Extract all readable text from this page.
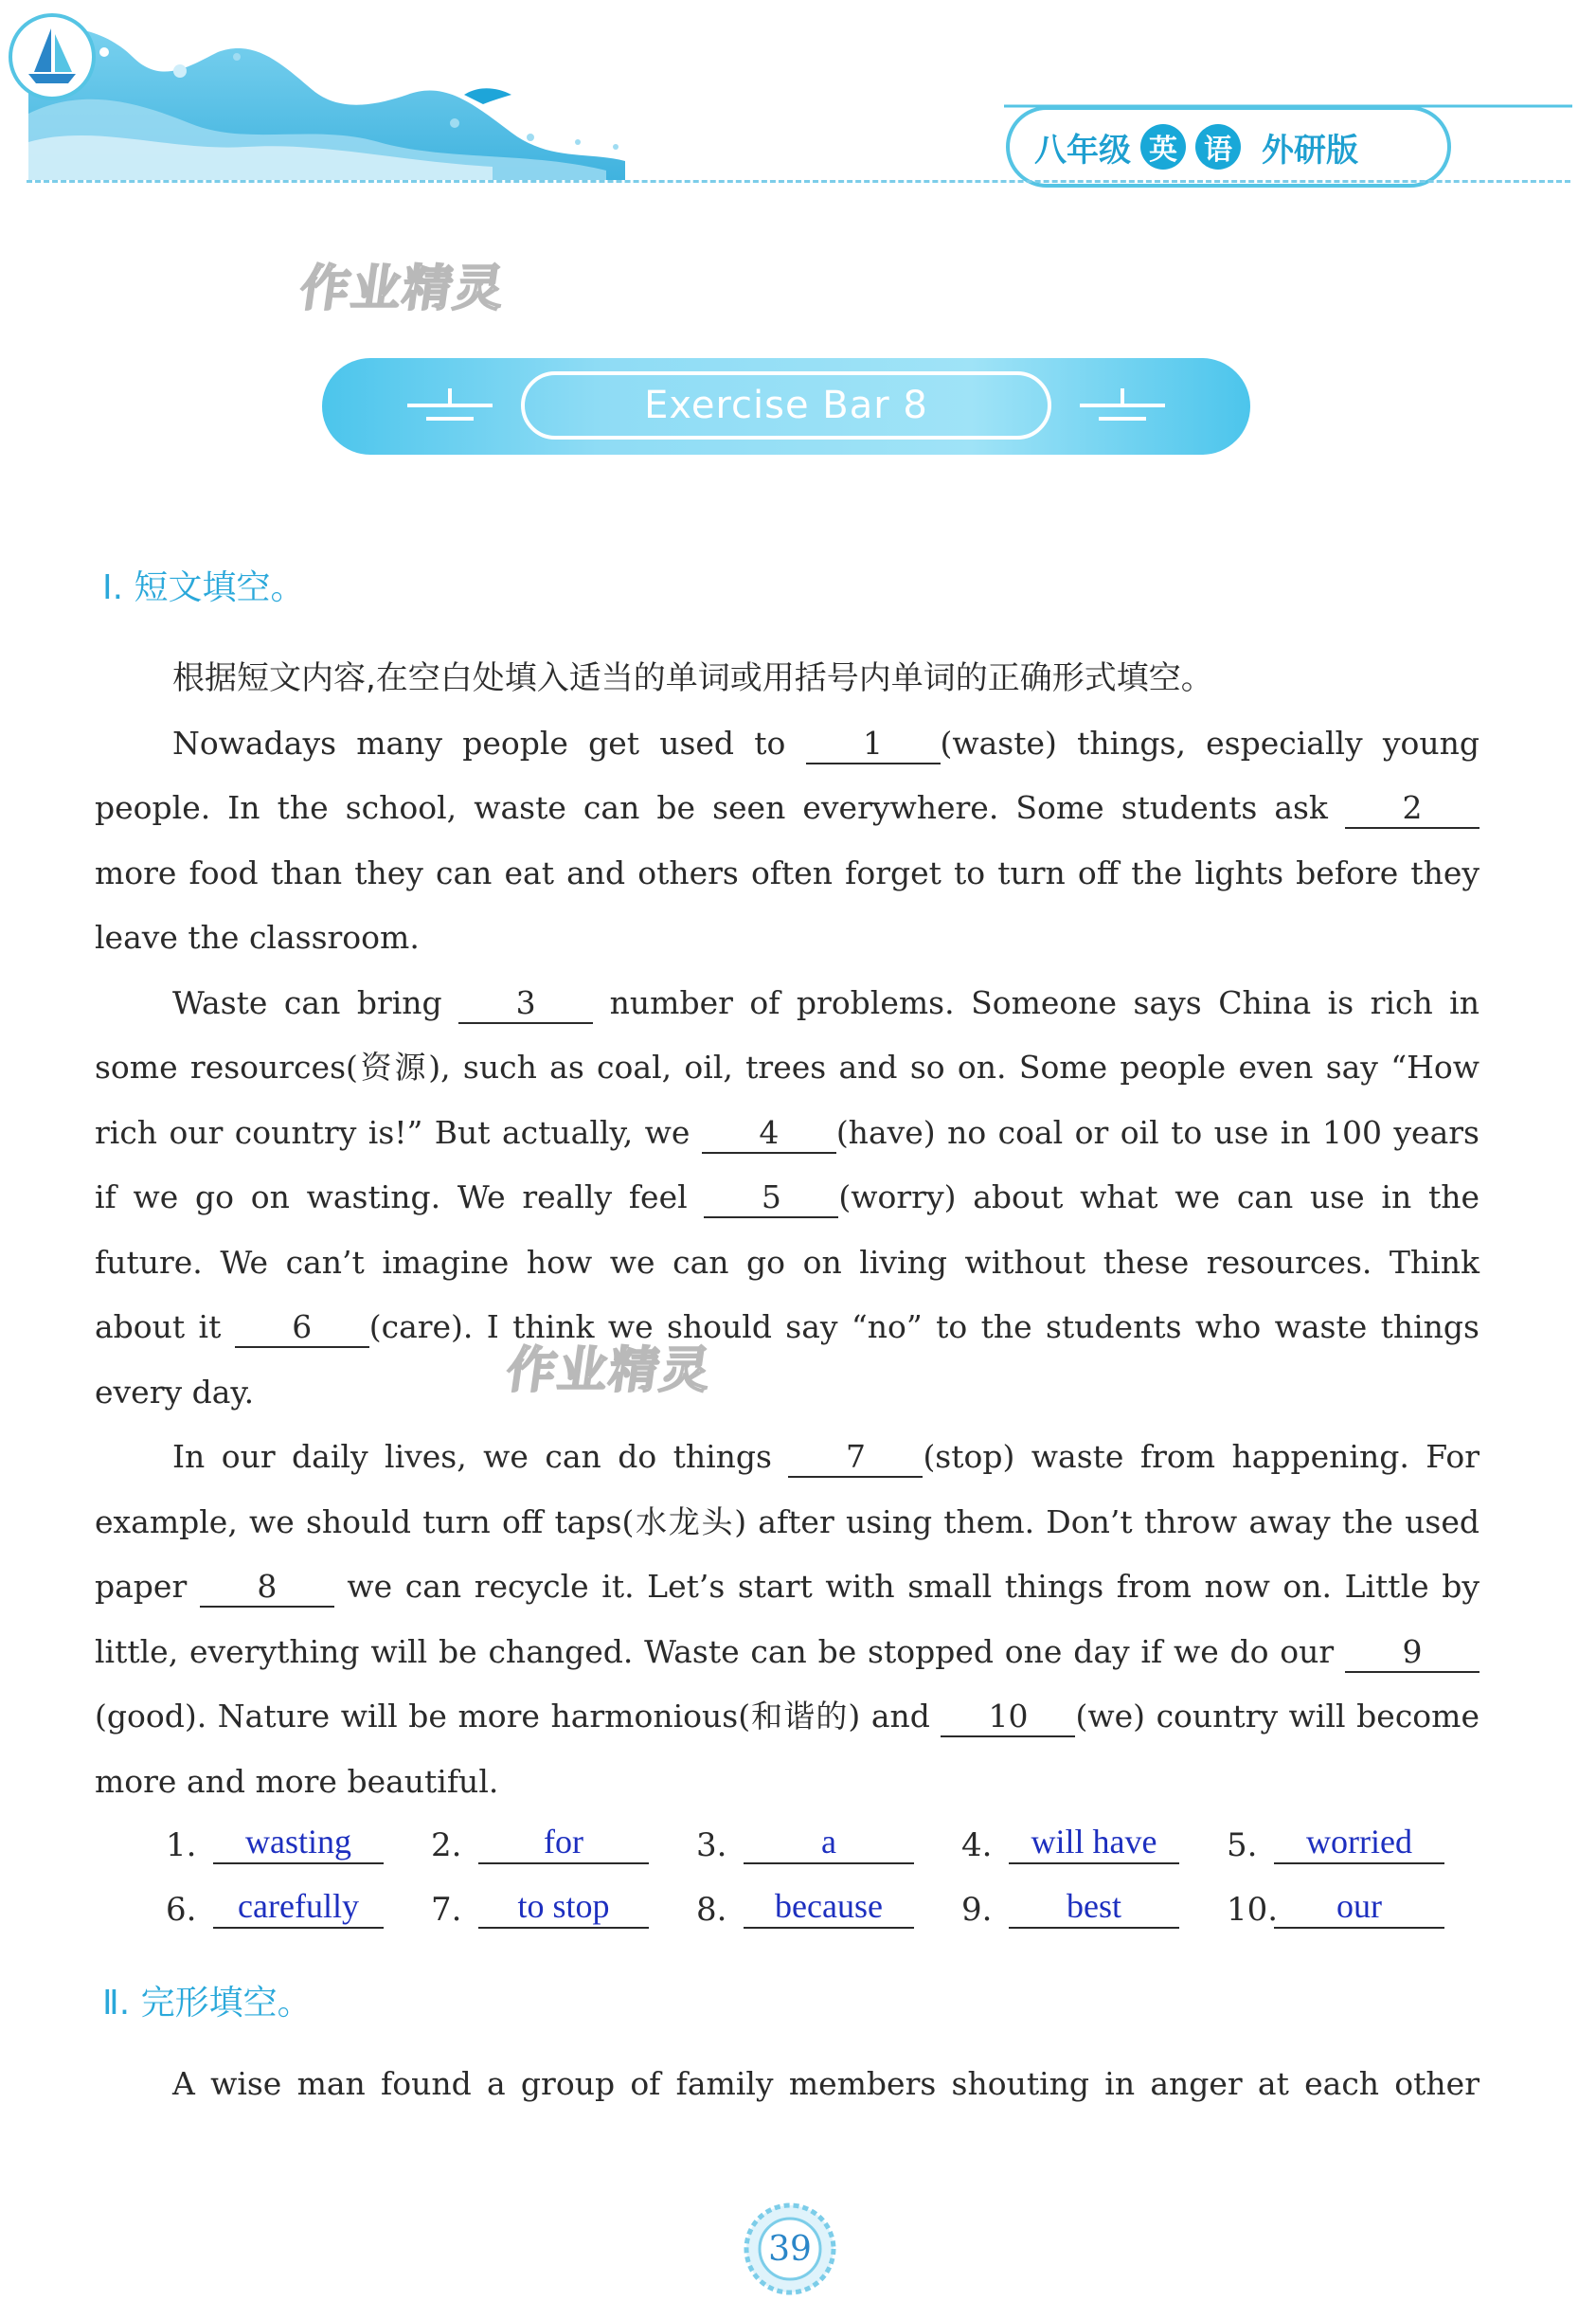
八年级 英 语 外研版
作业精灵
作业精灵
Exercise Bar 8
Ⅰ. 短文填空。

根据短文内容,在空白处填入适当的单词或用括号内单词的正确形式填空。

Nowadays many people get used to 1 (waste) things, especially young people. In the school, waste can be seen everywhere. Some students ask 2 more food than they can eat and others often forget to turn off the lights before they leave the classroom.

Waste can bring 3 number of problems. Someone says China is rich in some resources(资源), such as coal, oil, trees and so on. Some people even say “How rich our country is!” But actually, we 4 (have) no coal or oil to use in 100 years if we go on wasting. We really feel 5 (worry) about what we can use in the future. We can’t imagine how we can go on living without these resources. Think about it 6 (care). I think we should say “no” to the students who waste things every day.

In our daily lives, we can do things 7 (stop) waste from happening. For example, we should turn off taps(水龙头) after using them. Don’t throw away the used paper 8 we can recycle it. Let’s start with small things from now on. Little by little, everything will be changed. Waste can be stopped one day if we do our 9(good). Nature will be more harmonious(和谐的) and 10 (we) country will become more and more beautiful.

1.	wasting	2.	for	3.	a	4.	will have	5.	worried
6.	carefully	7.	to stop	8.	because	9.	best	10.	our
Ⅱ. 完形填空。

A wise man found a group of family members shouting in anger at each other

39
